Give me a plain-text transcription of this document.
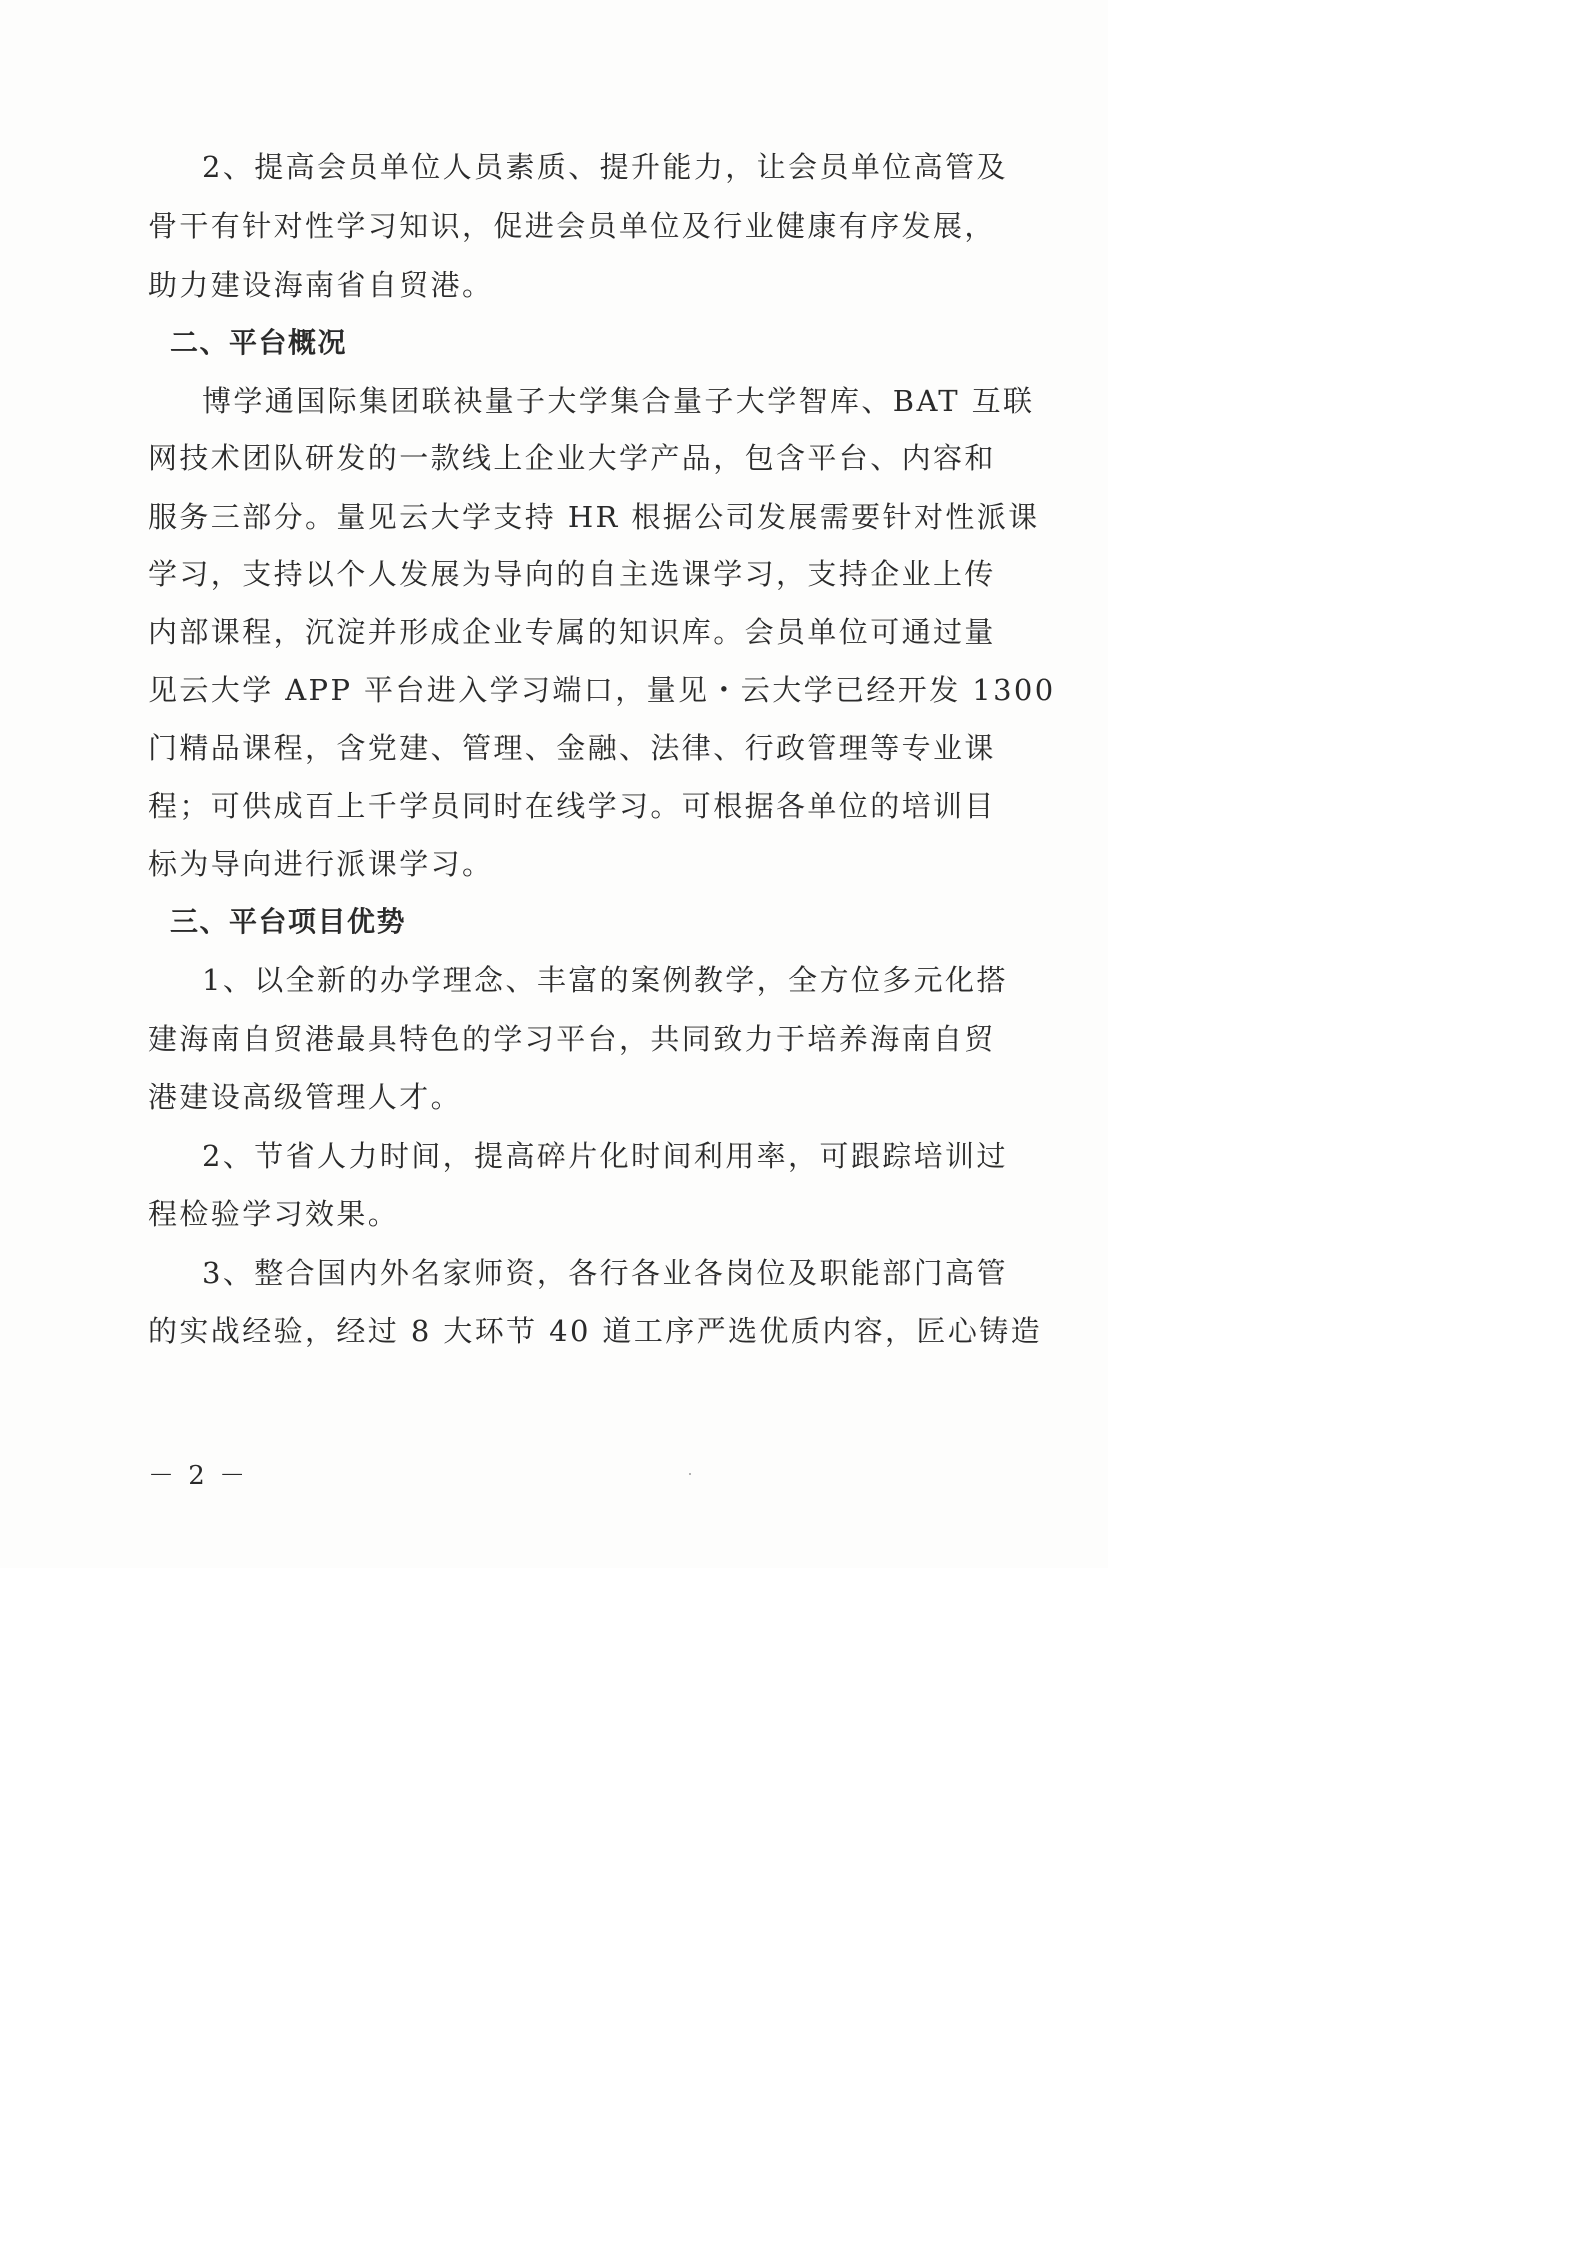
2、提高会员单位人员素质、提升能力，让会员单位高管及
骨干有针对性学习知识，促进会员单位及行业健康有序发展，
助力建设海南省自贸港。
二、平台概况
博学通国际集团联袂量子大学集合量子大学智库、BAT 互联
网技术团队研发的一款线上企业大学产品，包含平台、内容和
服务三部分。量见云大学支持 HR 根据公司发展需要针对性派课
学习，支持以个人发展为导向的自主选课学习，支持企业上传
内部课程，沉淀并形成企业专属的知识库。会员单位可通过量
见云大学 APP 平台进入学习端口，量见・云大学已经开发 1300
门精品课程，含党建、管理、金融、法律、行政管理等专业课
程；可供成百上千学员同时在线学习。可根据各单位的培训目
标为导向进行派课学习。
三、平台项目优势
1、以全新的办学理念、丰富的案例教学，全方位多元化搭
建海南自贸港最具特色的学习平台，共同致力于培养海南自贸
港建设高级管理人才。
2、节省人力时间，提高碎片化时间利用率，可跟踪培训过
程检验学习效果。
3、整合国内外名家师资，各行各业各岗位及职能部门高管
的实战经验，经过 8 大环节 40 道工序严选优质内容，匠心铸造
－ 2 －
